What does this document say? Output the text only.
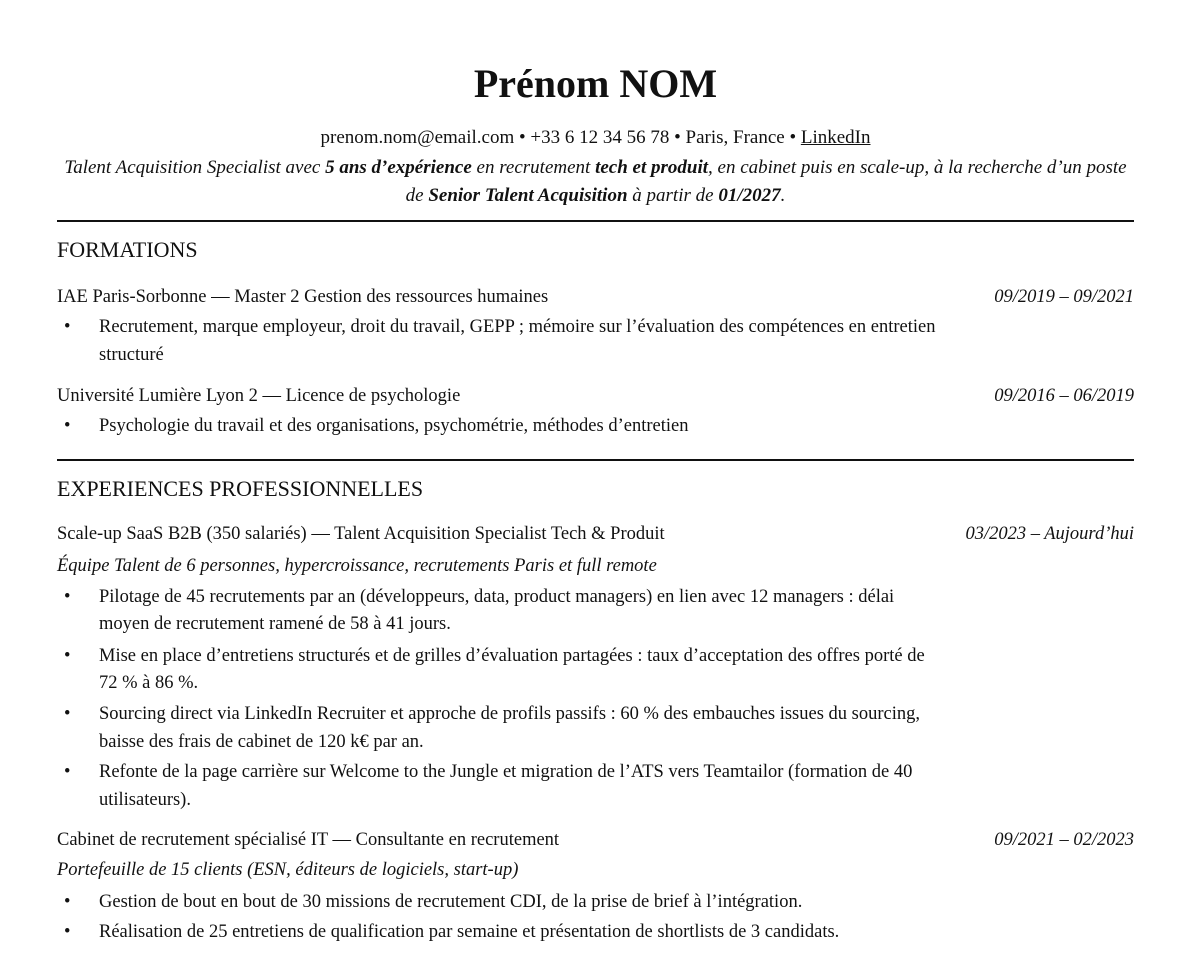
Prénom NOM
prenom.nom@email.com • +33 6 12 34 56 78 • Paris, France • LinkedIn
Talent Acquisition Specialist avec 5 ans d’expérience en recrutement tech et produit, en cabinet puis en scale-up, à la recherche d’un poste de Senior Talent Acquisition à partir de 01/2027.
FORMATIONS
IAE Paris-Sorbonne — Master 2 Gestion des ressources humaines	09/2019 – 09/2021
• Recrutement, marque employeur, droit du travail, GEPP ; mémoire sur l’évaluation des compétences en entretien structuré
Université Lumière Lyon 2 — Licence de psychologie	09/2016 – 06/2019
• Psychologie du travail et des organisations, psychométrie, méthodes d’entretien
EXPERIENCES PROFESSIONNELLES
Scale-up SaaS B2B (350 salariés) — Talent Acquisition Specialist Tech & Produit	03/2023 – Aujourd’hui
Équipe Talent de 6 personnes, hypercroissance, recrutements Paris et full remote
• Pilotage de 45 recrutements par an (développeurs, data, product managers) en lien avec 12 managers : délai moyen de recrutement ramené de 58 à 41 jours.
• Mise en place d’entretiens structurés et de grilles d’évaluation partagées : taux d’acceptation des offres porté de 72 % à 86 %.
• Sourcing direct via LinkedIn Recruiter et approche de profils passifs : 60 % des embauches issues du sourcing, baisse des frais de cabinet de 120 k€ par an.
• Refonte de la page carrière sur Welcome to the Jungle et migration de l’ATS vers Teamtailor (formation de 40 utilisateurs).
Cabinet de recrutement spécialisé IT — Consultante en recrutement	09/2021 – 02/2023
Portefeuille de 15 clients (ESN, éditeurs de logiciels, start-up)
• Gestion de bout en bout de 30 missions de recrutement CDI, de la prise de brief à l’intégration.
• Réalisation de 25 entretiens de qualification par semaine et présentation de shortlists de 3 candidats.
